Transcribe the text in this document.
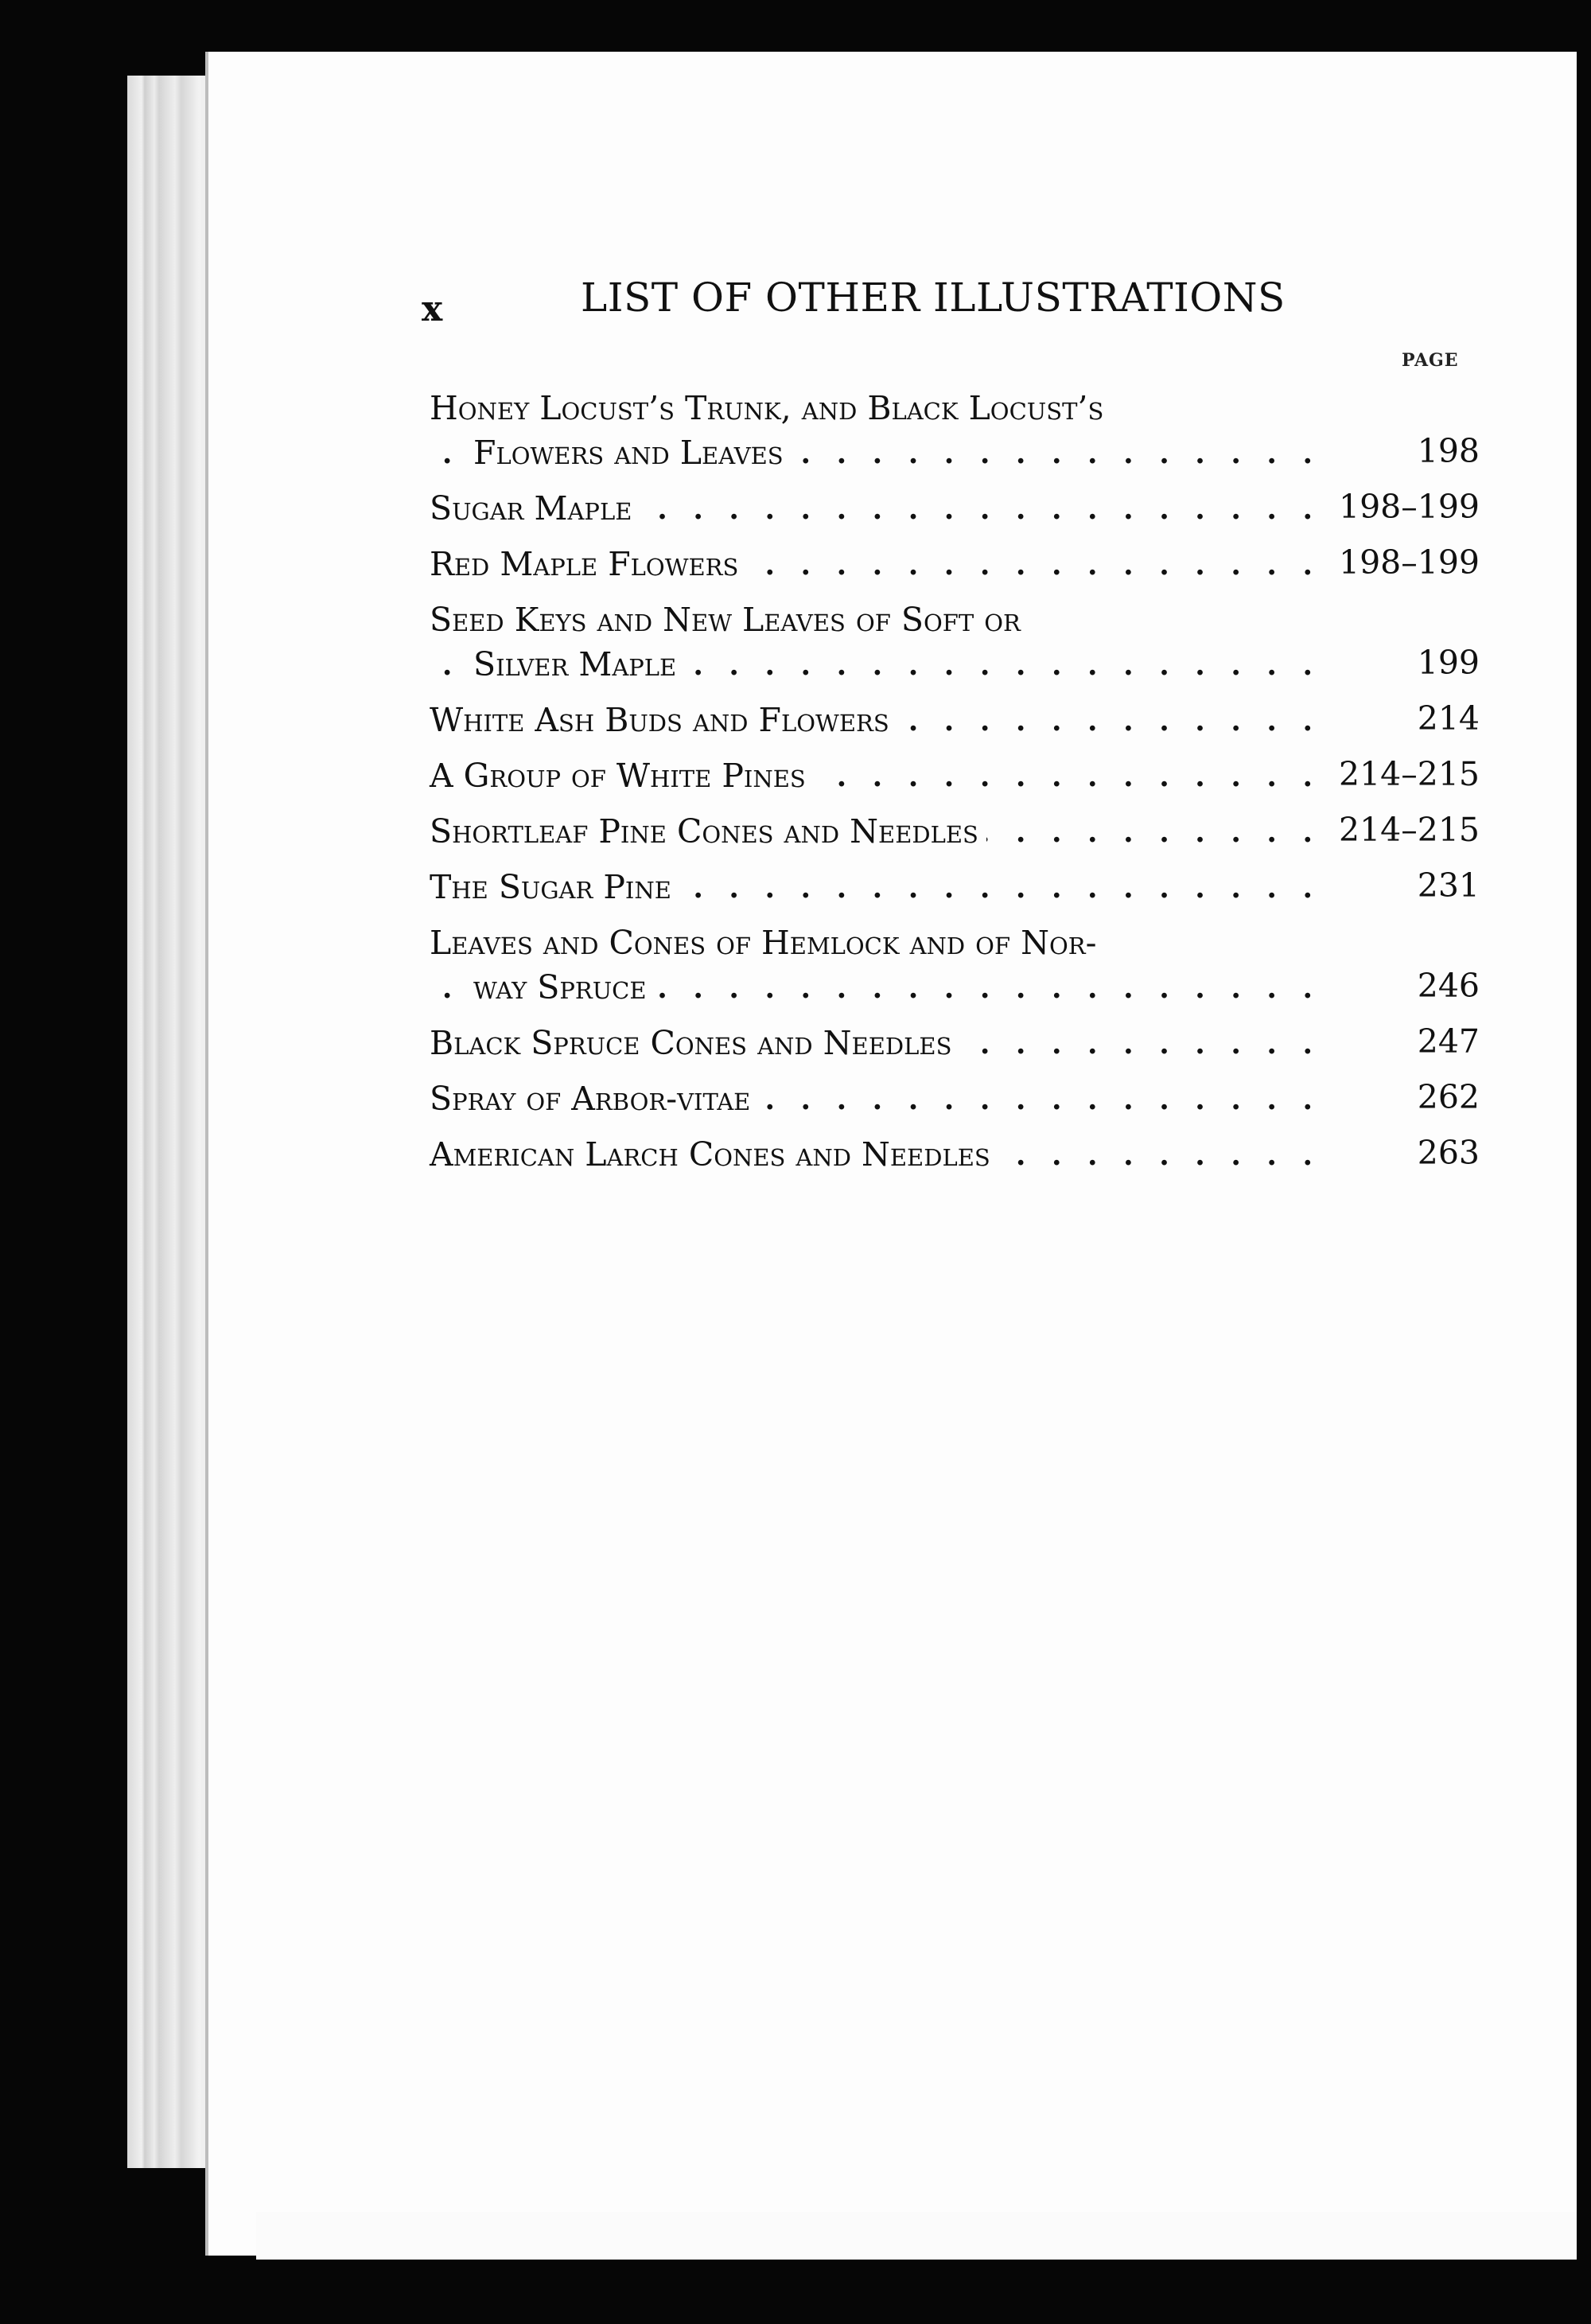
x	LIST OF OTHER ILLUSTRATIONS
PAGE
Honey Locust’s Trunk, and Black Locust’s
Flowers and Leaves	198
. . .
Sugar Maple	198–199
. . .
Red Maple Flowers	198–199
. . .
Seed Keys and New Leaves of Soft or
Silver Maple	199
. . .
White Ash Buds and Flowers	214
. . .
A Group of White Pines	214–215
. . .
Shortleaf Pine Cones and Needles	214–215
. . .
The Sugar Pine	231
. . .
Leaves and Cones of Hemlock and of Nor-
way Spruce	246
. . .
Black Spruce Cones and Needles	247
. . .
Spray of Arbor-vitae	262
. . .
American Larch Cones and Needles	263
. . .
